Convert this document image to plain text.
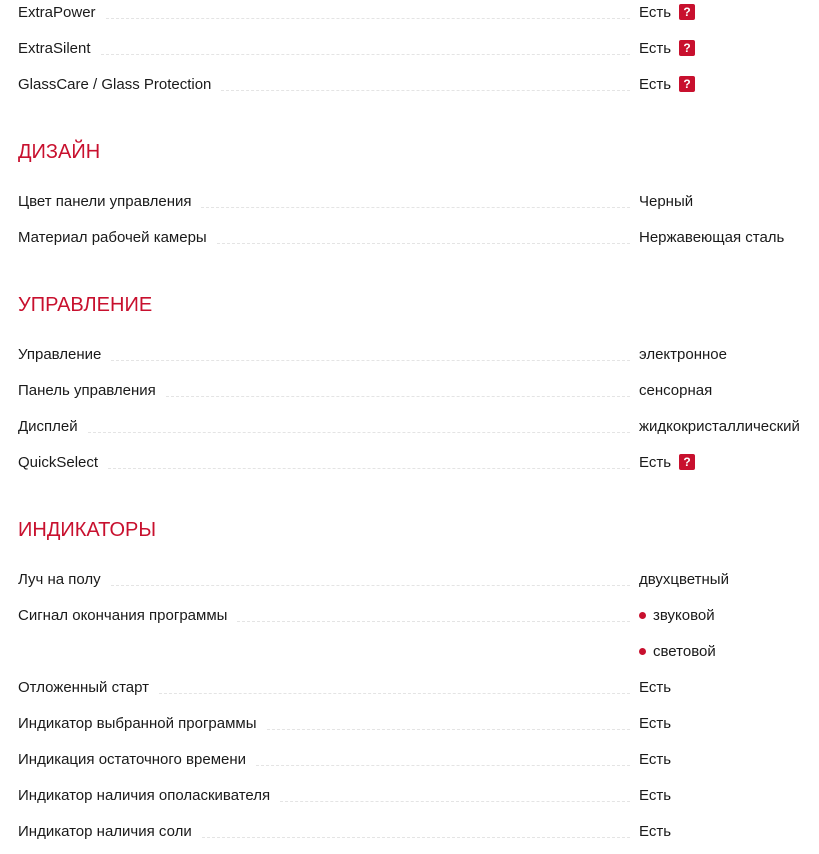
ExtraPower	Есть	?
ExtraSilent	Есть	?
GlassCare / Glass Protection	Есть	?
ДИЗАЙН
Цвет панели управления	Черный
Материал рабочей камеры	Нержавеющая сталь
УПРАВЛЕНИЕ
Управление	электронное
Панель управления	сенсорная
Дисплей	жидкокристаллический
QuickSelect	Есть	?
ИНДИКАТОРЫ
Луч на полу	двухцветный
Сигнал окончания программы	звуковой
световой
Отложенный старт	Есть
Индикатор выбранной программы	Есть
Индикация остаточного времени	Есть
Индикатор наличия ополаскивателя	Есть
Индикатор наличия соли	Есть
